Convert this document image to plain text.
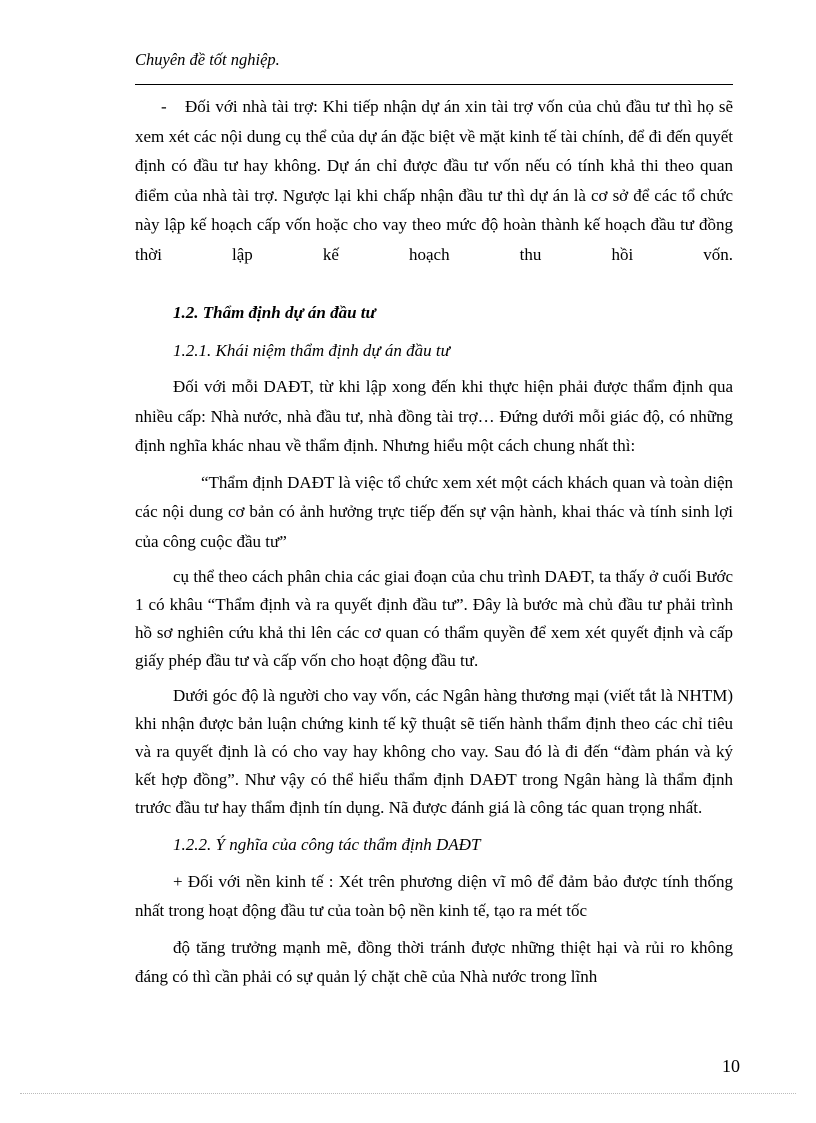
Chuyên đề tốt nghiệp.

- Đối với nhà tài trợ: Khi tiếp nhận dự án xin tài trợ vốn của chủ đầu tư thì họ sẽ xem xét các nội dung cụ thể của dự án đặc biệt về mặt kinh tế tài chính, để đi đến quyết định có đầu tư hay không. Dự án chỉ được đầu tư vốn nếu có tính khả thi theo quan điểm của nhà tài trợ. Ngược lại khi chấp nhận đầu tư thì dự án là cơ sở để các tổ chức này lập kế hoạch cấp vốn hoặc cho vay theo mức độ hoàn thành kế hoạch đầu tư đồng thời lập kế hoạch thu hồi vốn.

1.2. Thẩm định dự án đầu tư

1.2.1. Khái niệm thẩm định dự án đầu tư

Đối với mỗi DAĐT, từ khi lập xong đến khi thực hiện phải được thẩm định qua nhiều cấp: Nhà nước, nhà đầu tư, nhà đồng tài trợ… Đứng dưới mỗi giác độ, có những định nghĩa khác nhau về thẩm định. Nhưng hiểu một cách chung nhất thì:

“Thẩm định DAĐT là việc tổ chức xem xét một cách khách quan và toàn diện các nội dung cơ bản có ảnh hưởng trực tiếp đến sự vận hành, khai thác và tính sinh lợi của công cuộc đầu tư”

cụ thể theo cách phân chia các giai đoạn của chu trình DAĐT, ta thấy ở cuối Bước 1 có khâu “Thẩm định và ra quyết định đầu tư”. Đây là bước mà chủ đầu tư phải trình hồ sơ nghiên cứu khả thi lên các cơ quan có thẩm quyền để xem xét quyết định và cấp giấy phép đầu tư và cấp vốn cho hoạt động đầu tư.

Dưới góc độ là người cho vay vốn, các Ngân hàng thương mại (viết tắt là NHTM) khi nhận được bản luận chứng kinh tế kỹ thuật sẽ tiến hành thẩm định theo các chỉ tiêu và ra quyết định là có cho vay hay không cho vay. Sau đó là đi đến “đàm phán và ký kết hợp đồng”. Như vậy có thể hiểu thẩm định DAĐT trong Ngân hàng là thẩm định trước đầu tư hay thẩm định tín dụng. Nã được đánh giá là công tác quan trọng nhất.

1.2.2. Ý nghĩa của công tác thẩm định DAĐT

+ Đối với nền kinh tế : Xét trên phương diện vĩ mô để đảm bảo được tính thống nhất trong hoạt động đầu tư của toàn bộ nền kinh tế, tạo ra mét tốc

độ tăng trưởng mạnh mẽ, đồng thời tránh được những thiệt hại và rủi ro không đáng có thì cần phải có sự quản lý chặt chẽ của Nhà nước trong lĩnh

10
